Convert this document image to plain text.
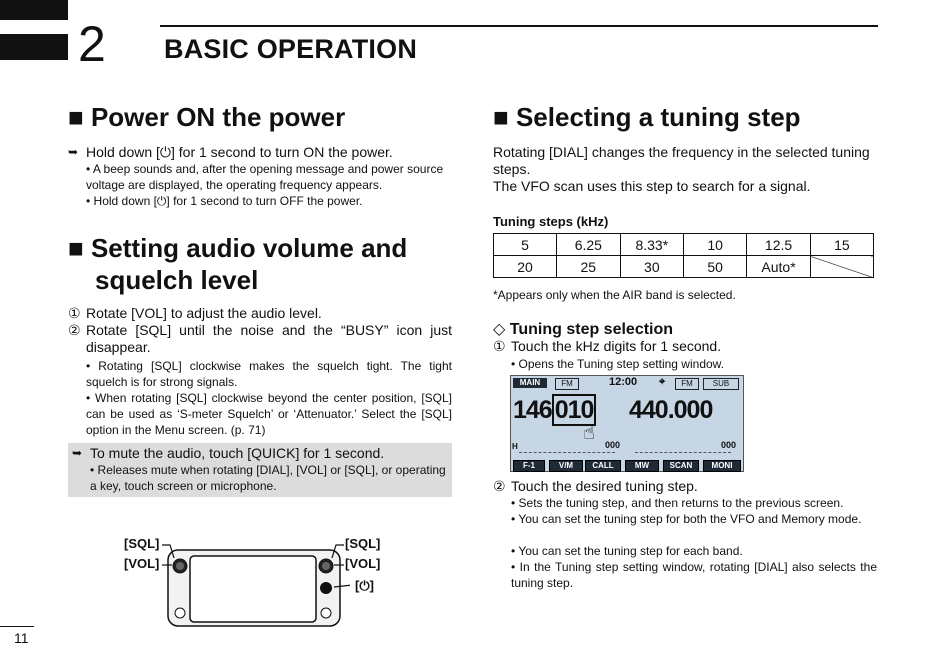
2 BASIC OPERATION
■ Power ON the power
➥ Hold down [⏻] for 1 second to turn ON the power.
• A beep sounds and, after the opening message and power source voltage are displayed, the operating frequency appears.
• Hold down [⏻] for 1 second to turn OFF the power.
■ Setting audio volume and
squelch level
① Rotate [VOL] to adjust the audio level.
② Rotate [SQL] until the noise and the “BUSY” icon just disappear.
• Rotating [SQL] clockwise makes the squelch tight. The tight squelch is for strong signals.
• When rotating [SQL] clockwise beyond the center position, [SQL] can be used as ‘S-meter Squelch’ or ‘Attenuator.’ Select the [SQL] option in the Menu screen. (p. 71)
➥ To mute the audio, touch [QUICK] for 1 second.
• Releases mute when rotating [DIAL], [VOL] or [SQL], or operating a key, touch screen or microphone.
[SQL]
[VOL]
[SQL]
[VOL]
[⏻]
■ Selecting a tuning step
Rotating [DIAL] changes the frequency in the selected tuning steps.
The VFO scan uses this step to search for a signal.
Tuning steps (kHz)
5	6.25	8.33*	10	12.5	15
20	25	30	50	Auto*	
*Appears only when the AIR band is selected.
◇ Tuning step selection
① Touch the kHz digits for 1 second.
• Opens the Tuning step setting window.
MAIN	FM	12:00 ⌖	FM	SUB
146 010 440.000
☝
H	000	000
F-1	V/M	CALL	MW	SCAN	MONI
② Touch the desired tuning step.
• Sets the tuning step, and then returns to the previous screen.
• You can set the tuning step for both the VFO and Memory mode.
• You can set the tuning step for each band.
• In the Tuning step setting window, rotating [DIAL] also selects the tuning step.
11
